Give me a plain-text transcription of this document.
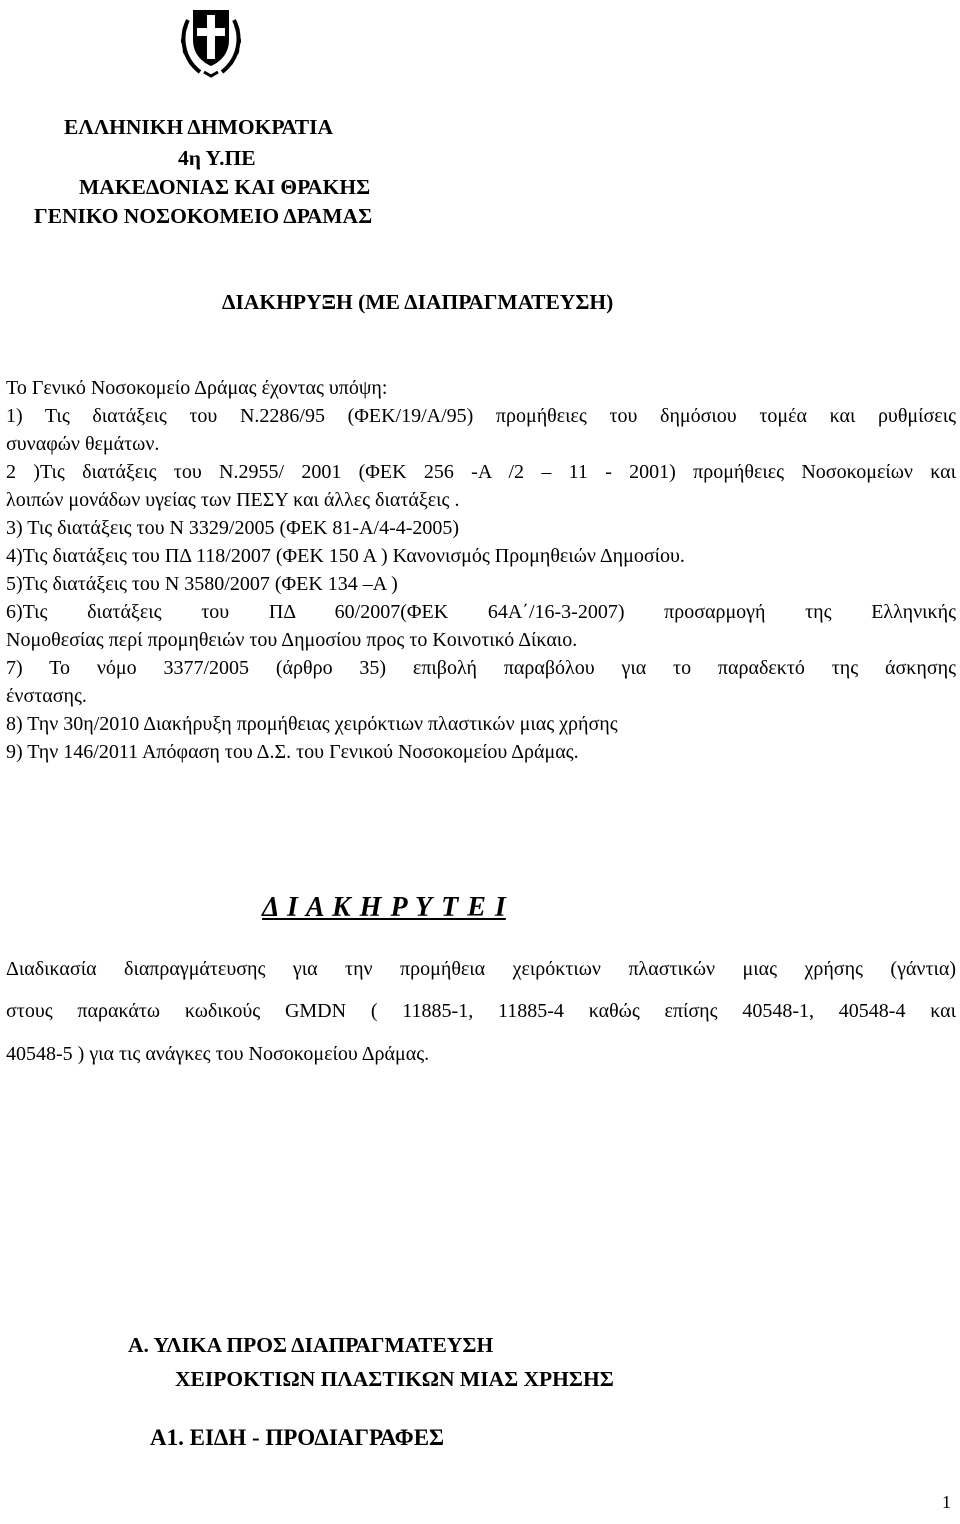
ΕΛΛΗΝΙΚΗ ΔΗΜΟΚΡΑΤΙΑ
4η Υ.ΠΕ
ΜΑΚΕΔΟΝΙΑΣ ΚΑΙ ΘΡΑΚΗΣ
ΓΕΝΙΚΟ ΝΟΣΟΚΟΜΕΙΟ ΔΡΑΜΑΣ
ΔΙΑΚΗΡΥΞΗ (ΜΕ ΔΙΑΠΡΑΓΜΑΤΕΥΣΗ)
Το Γενικό Νοσοκομείο Δράμας έχοντας υπόψη:
1) Τις διατάξεις του Ν.2286/95 (ΦΕΚ/19/Α/95) προμήθειες του δημόσιου τομέα και ρυθμίσεις
συναφών θεμάτων.
2 )Τις διατάξεις του Ν.2955/ 2001 (ΦΕΚ 256 -Α /2 – 11 - 2001) προμήθειες Νοσοκομείων και
λοιπών μονάδων υγείας των ΠΕΣΥ και άλλες διατάξεις .
3) Τις διατάξεις του Ν 3329/2005 (ΦΕΚ 81-Α/4-4-2005)
4)Τις διατάξεις του ΠΔ 118/2007 (ΦΕΚ 150 Α ) Κανονισμός Προμηθειών Δημοσίου.
5)Τις διατάξεις του Ν 3580/2007 (ΦΕΚ 134 –Α )
6)Τις διατάξεις του ΠΔ 60/2007(ΦΕΚ 64Α΄/16-3-2007) προσαρμογή της Ελληνικής
Νομοθεσίας περί προμηθειών του Δημοσίου προς το Κοινοτικό Δίκαιο.
7) Το νόμο 3377/2005 (άρθρο 35) επιβολή παραβόλου για το παραδεκτό της άσκησης
ένστασης.
8) Την 30η/2010 Διακήρυξη προμήθειας χειρόκτιων πλαστικών μιας χρήσης
9) Την 146/2011 Απόφαση του Δ.Σ. του Γενικού Νοσοκομείου Δράμας.
Δ Ι Α Κ Η Ρ Υ Τ Ε Ι
Διαδικασία διαπραγμάτευσης για την προμήθεια χειρόκτιων πλαστικών μιας χρήσης (γάντια)
στους παρακάτω κωδικούς GMDN ( 11885-1, 11885-4 καθώς επίσης 40548-1, 40548-4 και
40548-5 ) για τις ανάγκες του Νοσοκομείου Δράμας.
Α. ΥΛΙΚΑ ΠΡΟΣ ΔΙΑΠΡΑΓΜΑΤΕΥΣΗ
ΧΕΙΡΟΚΤΙΩΝ ΠΛΑΣΤΙΚΩΝ ΜΙΑΣ ΧΡΗΣΗΣ
Α1. ΕΙΔΗ - ΠΡΟΔΙΑΓΡΑΦΕΣ
1
